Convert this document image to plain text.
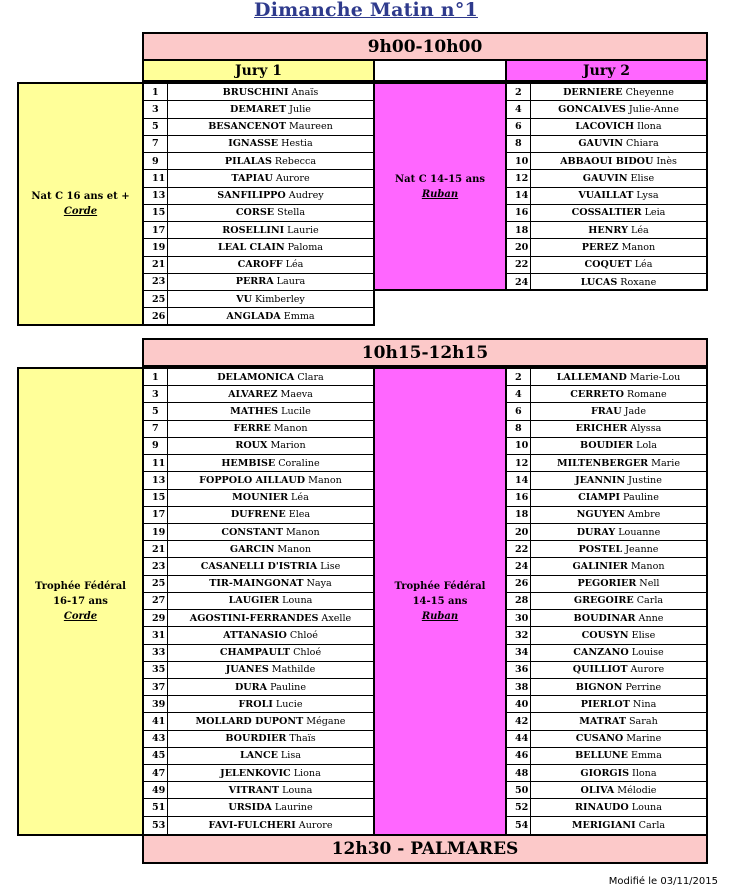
Dimanche Matin n°1
9h00-10h00
Jury 1	Jury 2
Nat C 16 ans et +
Corde
1	BRUSCHINI Anaïs
3	DEMARET Julie
5	BESANCENOT Maureen
7	IGNASSE Hestia
9	PILALAS Rebecca
11	TAPIAU Aurore
13	SANFILIPPO Audrey
15	CORSE Stella
17	ROSELLINI Laurie
19	LEAL CLAIN Paloma
21	CAROFF Léa
23	PERRA Laura
25	VU Kimberley
26	ANGLADA Emma
Nat C 14-15 ans
Ruban
2	DERNIERE Cheyenne
4	GONCALVES Julie-Anne
6	LACOVICH Ilona
8	GAUVIN Chiara
10	ABBAOUI BIDOU Inès
12	GAUVIN Elise
14	VUAILLAT Lysa
16	COSSALTIER Leia
18	HENRY Léa
20	PEREZ Manon
22	COQUET Léa
24	LUCAS Roxane
10h15-12h15
Trophée Fédéral
16-17 ans
Corde
1	DELAMONICA Clara
3	ALVAREZ Maeva
5	MATHES Lucile
7	FERRE Manon
9	ROUX Marion
11	HEMBISE Coraline
13	FOPPOLO AILLAUD Manon
15	MOUNIER Léa
17	DUFRENE Elea
19	CONSTANT Manon
21	GARCIN Manon
23	CASANELLI D'ISTRIA Lise
25	TIR-MAINGONAT Naya
27	LAUGIER Louna
29	AGOSTINI-FERRANDES Axelle
31	ATTANASIO Chloé
33	CHAMPAULT Chloé
35	JUANES Mathilde
37	DURA Pauline
39	FROLI Lucie
41	MOLLARD DUPONT Mégane
43	BOURDIER Thaïs
45	LANCE Lisa
47	JELENKOVIC Liona
49	VITRANT Louna
51	URSIDA Laurine
53	FAVI-FULCHERI Aurore
Trophée Fédéral
14-15 ans
Ruban
2	LALLEMAND Marie-Lou
4	CERRETO Romane
6	FRAU Jade
8	ERICHER Alyssa
10	BOUDIER Lola
12	MILTENBERGER Marie
14	JEANNIN Justine
16	CIAMPI Pauline
18	NGUYEN Ambre
20	DURAY Louanne
22	POSTEL Jeanne
24	GALINIER Manon
26	PEGORIER Nell
28	GREGOIRE Carla
30	BOUDINAR Anne
32	COUSYN Elise
34	CANZANO Louise
36	QUILLIOT Aurore
38	BIGNON Perrine
40	PIERLOT Nina
42	MATRAT Sarah
44	CUSANO Marine
46	BELLUNE Emma
48	GIORGIS Ilona
50	OLIVA Mélodie
52	RINAUDO Louna
54	MERIGIANI Carla
12h30 - PALMARES
Modifié le 03/11/2015
